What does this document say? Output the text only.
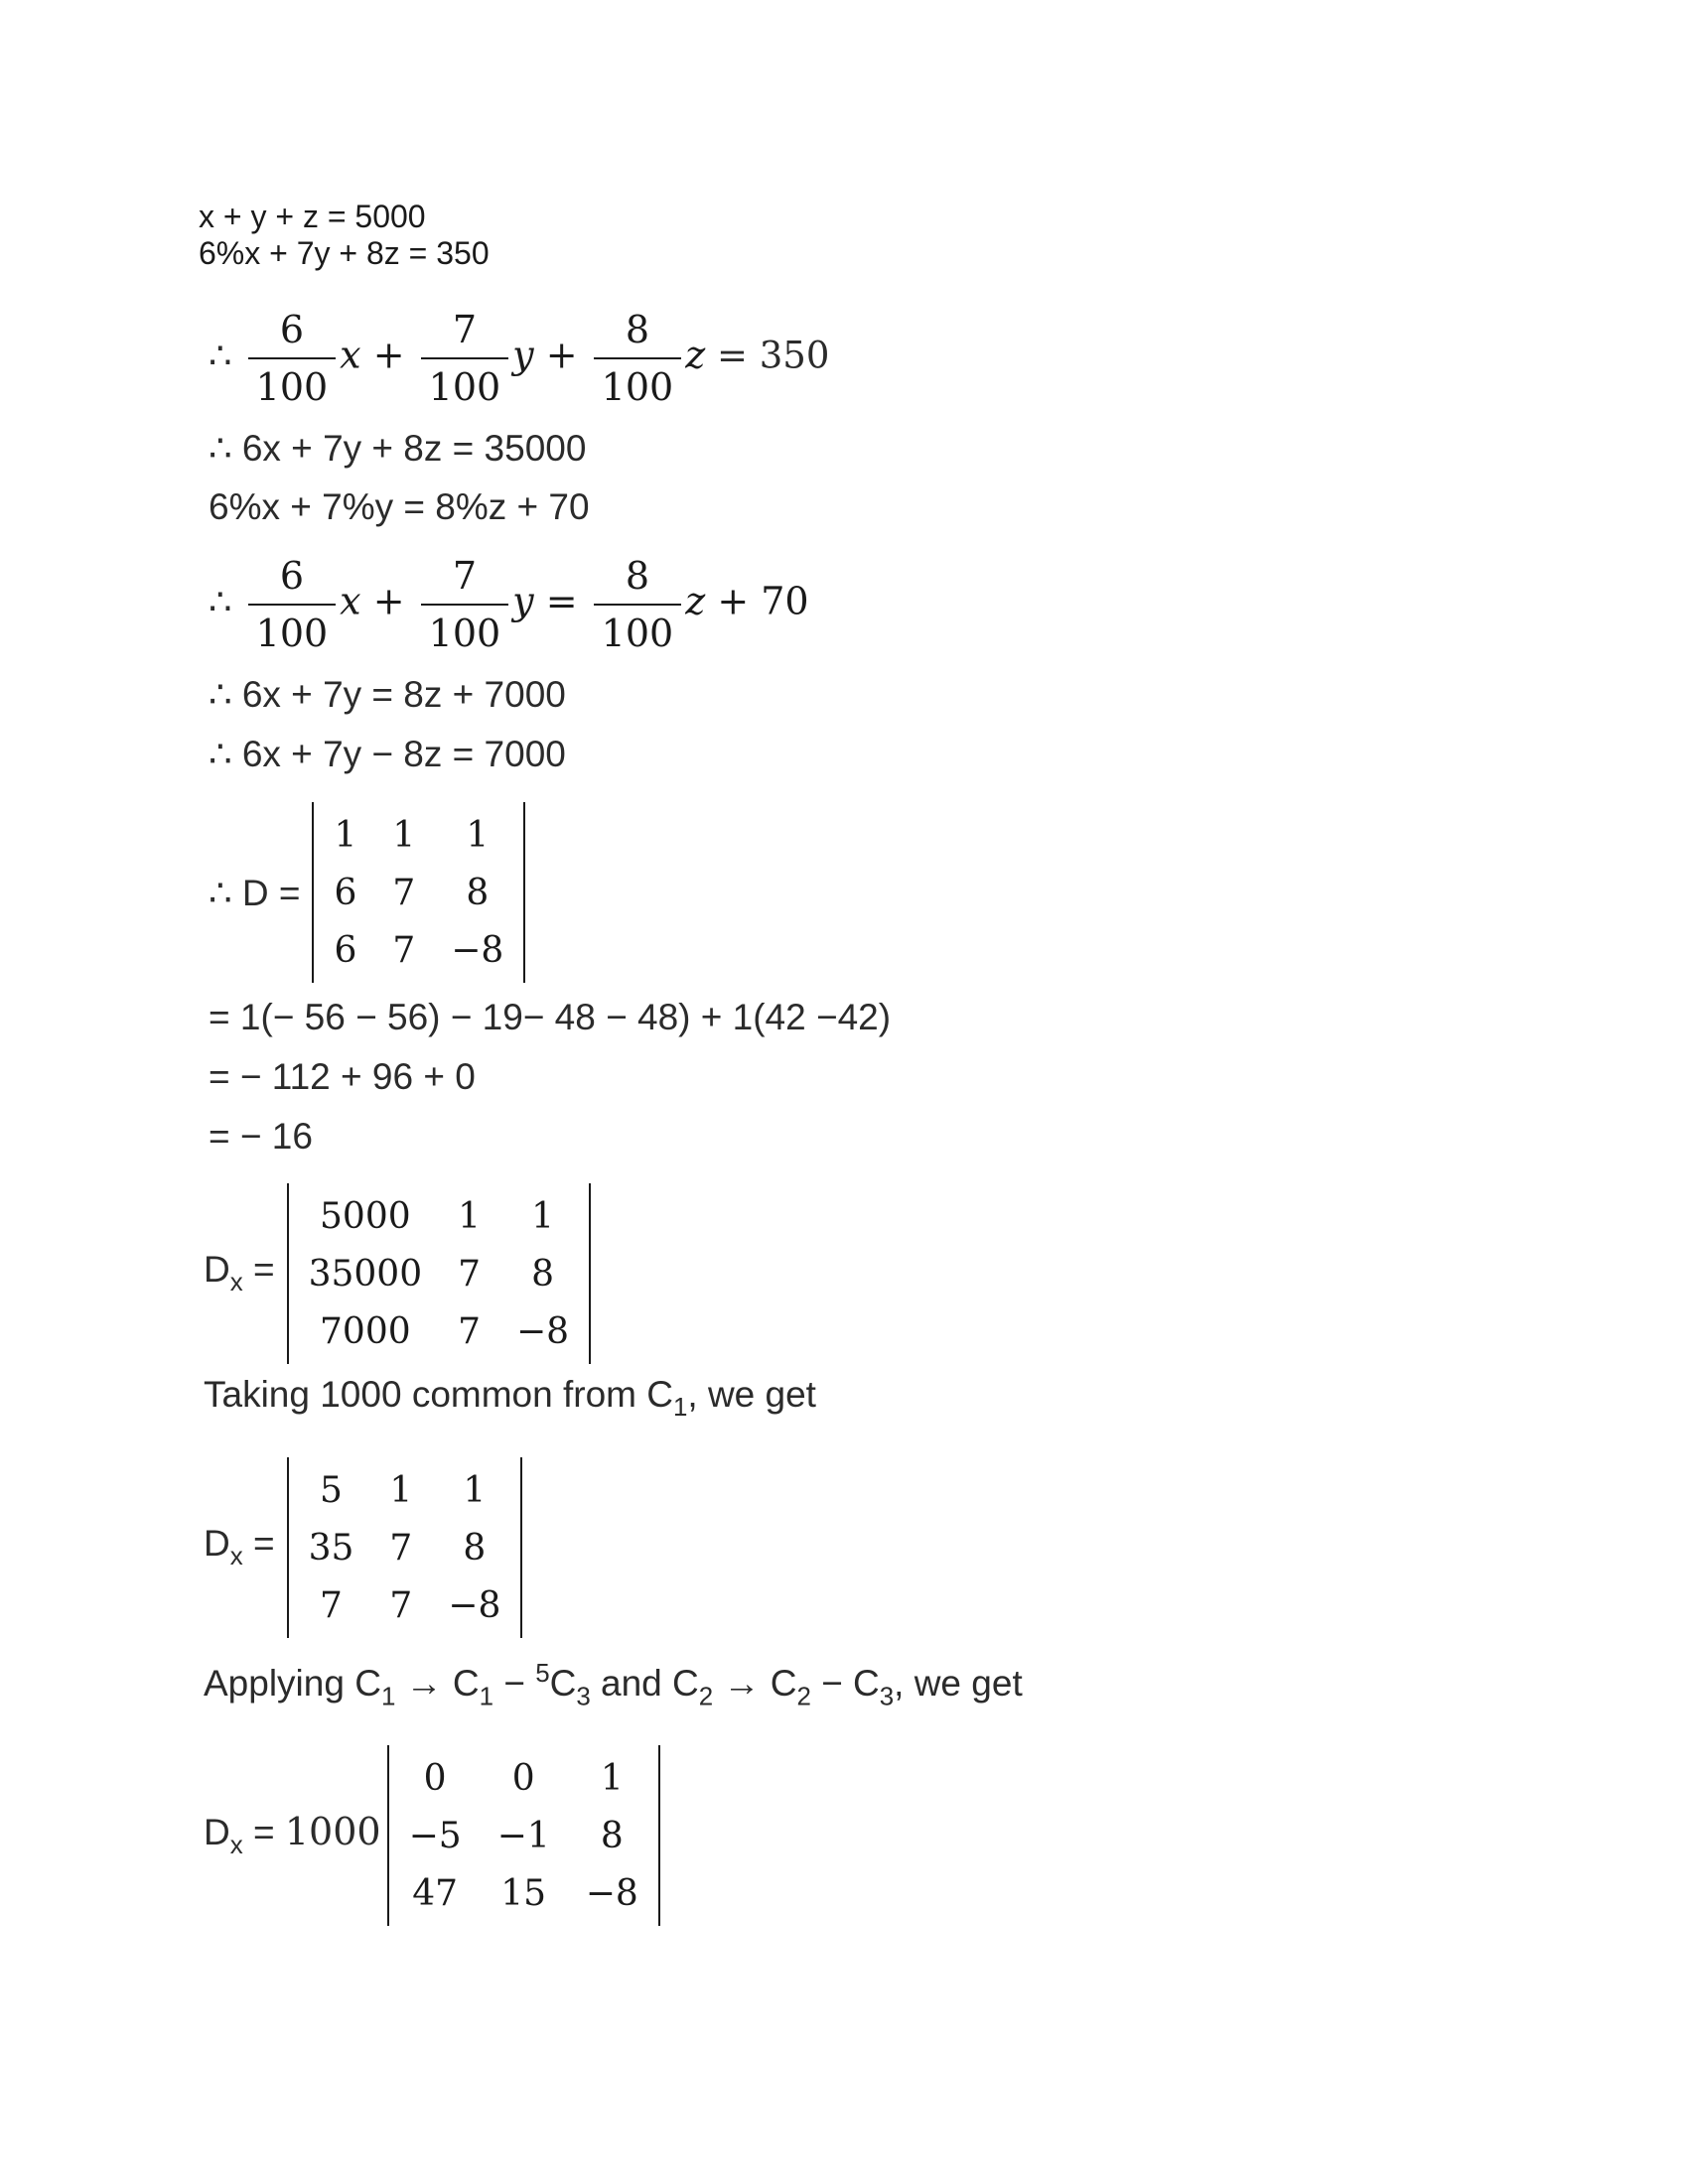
x + y + z = 5000
6%x + 7y + 8z = 350
∴ $\frac{6}{100}$ $x + \frac{7}{100}$ $y + \frac{8}{100}$ z = 350
∴ 6x + 7y + 8z = 35000
6%x + 7%y = 8%z + 70
∴ $\frac{6}{100}$ $x + \frac{7}{100}$ $y = \frac{8}{100}$ z + 70
∴ 6x + 7y = 8z + 7000
∴ 6x + 7y − 8z = 7000
∴ D =
1	1	1
6	7	8
6	7	−8
= 1(− 56 − 56) − 19− 48 − 48) + 1(42 −42)
= − 112 + 96 + 0
= − 16
$D_x$ =
5000	1	1
35000	7	8
7000	7	−8
Taking 1000 common from $C_1$, we get
$D_x$ =
5	1	1
35	7	8
7	7	−8
Applying $C_1 \to C_1 - ^5C_3$ and $C_2 \to C_2 - C_3$, we get
$D_x = 1000$
0	0	1
−5	−1	8
47	15	−8
